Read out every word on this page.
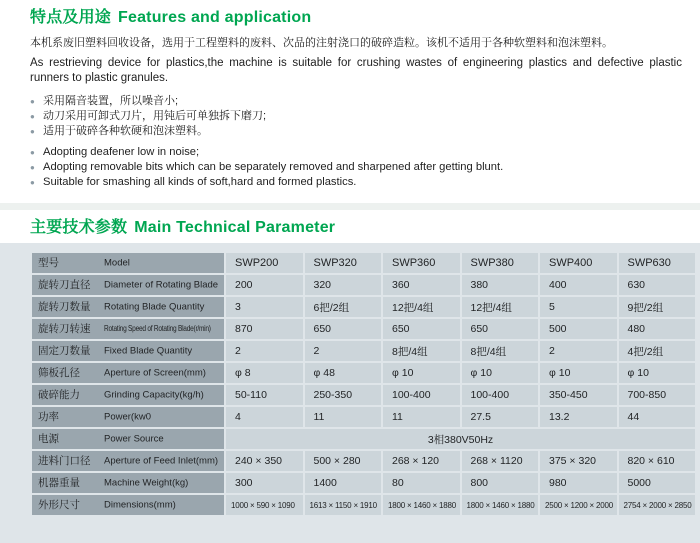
特点及用途 Features and application

本机系废旧塑料回收设备，选用于工程塑料的废料、次品的注射浇口的破碎造粒。该机不适用于各种软塑料和泡沫塑料。

As restrieving device for plastics,the machine is suitable for crushing wastes of engineering plastics and defective plastic runners to plastic granules.

● 采用隔音装置，所以噪音小;
● 动刀采用可卸式刀片，用钝后可单独拆下磨刀;
● 适用于破碎各种软硬和泡沫塑料。
● Adopting deafener low in noise;
● Adopting removable bits which can be separately removed and sharpened after getting blunt.
● Suitable for smashing all kinds of soft,hard and formed plastics.
主要技术参数 Main Technical Parameter
型号 Model	SWP200	SWP320	SWP360	SWP380	SWP400	SWP630
旋转刀直径 Diameter of Rotating Blade	200	320	360	380	400	630
旋转刀数量 Rotating Blade Quantity	3	6把/2组	12把/4组	12把/4组	5	9把/2组
旋转刀转速 Rotating Speed of Rotating Blade(r/min)	870	650	650	650	500	480
固定刀数量 Fixed Blade Quantity	2	2	8把/4组	8把/4组	2	4把/2组
筛板孔径 Aperture of Screen(mm)	φ 8	φ 48	φ 10	φ 10	φ 10	φ 10
破碎能力 Grinding Capacity(kg/h)	50-110	250-350	100-400	100-400	350-450	700-850
功率 Power(kw0	4	11	11	27.5	13.2	44
电源 Power Source	3相380V50Hz					
进料门口径 Aperture of Feed Inlet(mm)	240 × 350	500 × 280	268 × 120	268 × 1120	375 × 320	820 × 610
机器重量 Machine Weight(kg)	300	1400	80	800	980	5000
外形尺寸 Dimensions(mm)	1000 × 590 × 1090	1613 × 1150 × 1910	1800 × 1460 × 1880	1800 × 1460 × 1880	2500 × 1200 × 2000	2754 × 2000 × 2850
